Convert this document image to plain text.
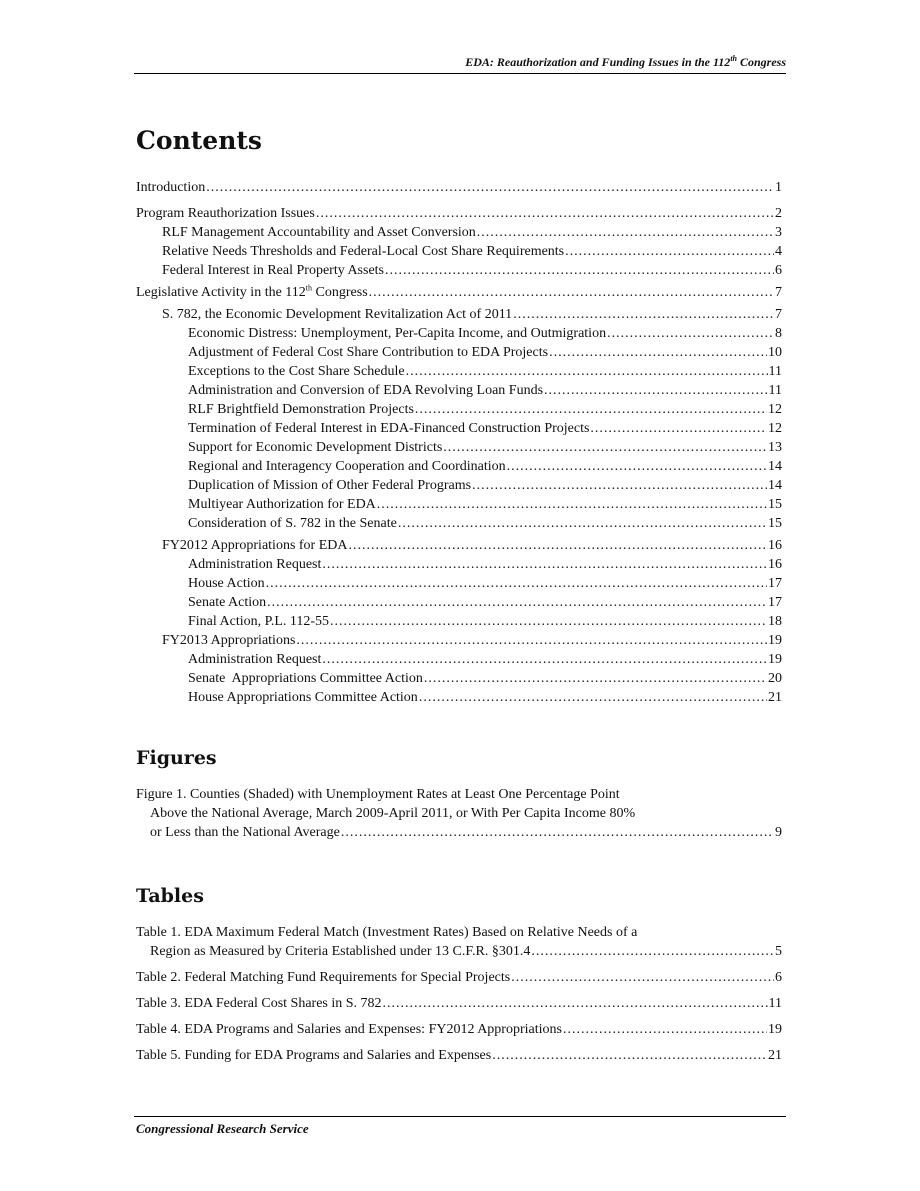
EDA: Reauthorization and Funding Issues in the 112th Congress
Contents
Introduction .....	1
Program Reauthorization Issues .....	2
RLF Management Accountability and Asset Conversion .....	3
Relative Needs Thresholds and Federal-Local Cost Share Requirements .....	4
Federal Interest in Real Property Assets .....	6
Legislative Activity in the 112th Congress .....	7
S. 782, the Economic Development Revitalization Act of 2011 .....	7
Economic Distress: Unemployment, Per-Capita Income, and Outmigration .....	8
Adjustment of Federal Cost Share Contribution to EDA Projects .....	10
Exceptions to the Cost Share Schedule .....	11
Administration and Conversion of EDA Revolving Loan Funds .....	11
RLF Brightfield Demonstration Projects .....	12
Termination of Federal Interest in EDA-Financed Construction Projects .....	12
Support for Economic Development Districts .....	13
Regional and Interagency Cooperation and Coordination .....	14
Duplication of Mission of Other Federal Programs .....	14
Multiyear Authorization for EDA .....	15
Consideration of S. 782 in the Senate .....	15
FY2012 Appropriations for EDA .....	16
Administration Request .....	16
House Action .....	17
Senate Action .....	17
Final Action, P.L. 112-55 .....	18
FY2013 Appropriations .....	19
Administration Request .....	19
Senate  Appropriations Committee Action .....	20
House Appropriations Committee Action .....	21
Figures
Figure 1. Counties (Shaded) with Unemployment Rates at Least One Percentage Point
Above the National Average, March 2009-April 2011, or With Per Capita Income 80%
or Less than the National Average .....	9
Tables
Table 1. EDA Maximum Federal Match (Investment Rates) Based on Relative Needs of a
Region as Measured by Criteria Established under 13 C.F.R. §301.4 .....	5
Table 2. Federal Matching Fund Requirements for Special Projects .....	6
Table 3. EDA Federal Cost Shares in S. 782 .....	11
Table 4. EDA Programs and Salaries and Expenses: FY2012 Appropriations .....	19
Table 5. Funding for EDA Programs and Salaries and Expenses .....	21
Congressional Research Service
